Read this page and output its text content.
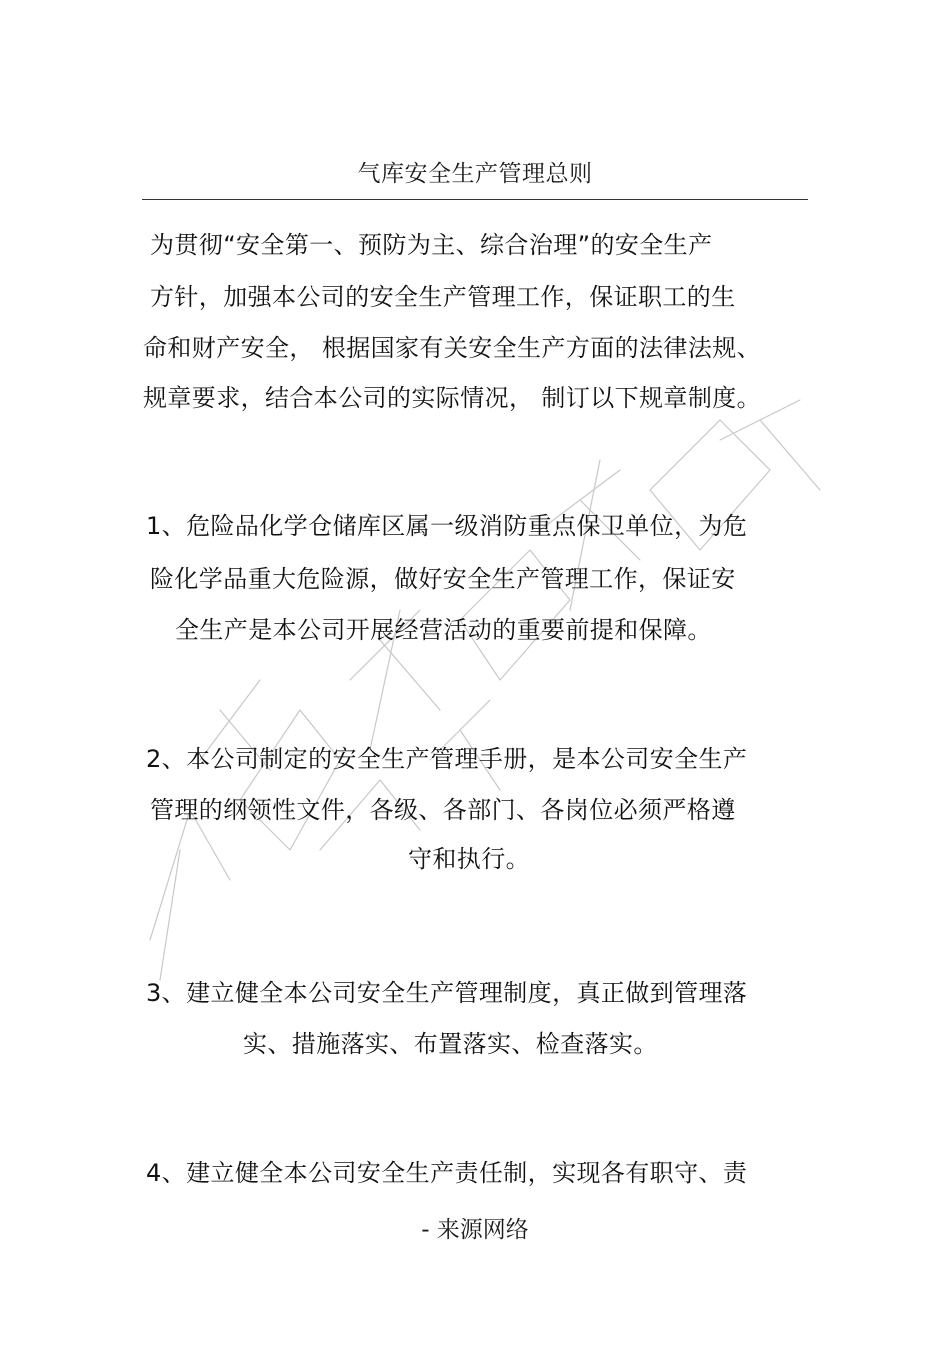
气库安全生产管理总则
为贯彻“安全第一、预防为主、综合治理”的安全生产
方针，加强本公司的安全生产管理工作，保证职工的生
命和财产安全， 根据国家有关安全生产方面的法律法规、
规章要求，结合本公司的实际情况， 制订以下规章制度。
1、危险品化学仓储库区属一级消防重点保卫单位，为危
险化学品重大危险源，做好安全生产管理工作，保证安
全生产是本公司开展经营活动的重要前提和保障。
2、本公司制定的安全生产管理手册，是本公司安全生产
管理的纲领性文件，各级、各部门、各岗位必须严格遵
守和执行。
3、建立健全本公司安全生产管理制度，真正做到管理落
实、措施落实、布置落实、检查落实。
4、建立健全本公司安全生产责任制，实现各有职守、责
- 来源网络
